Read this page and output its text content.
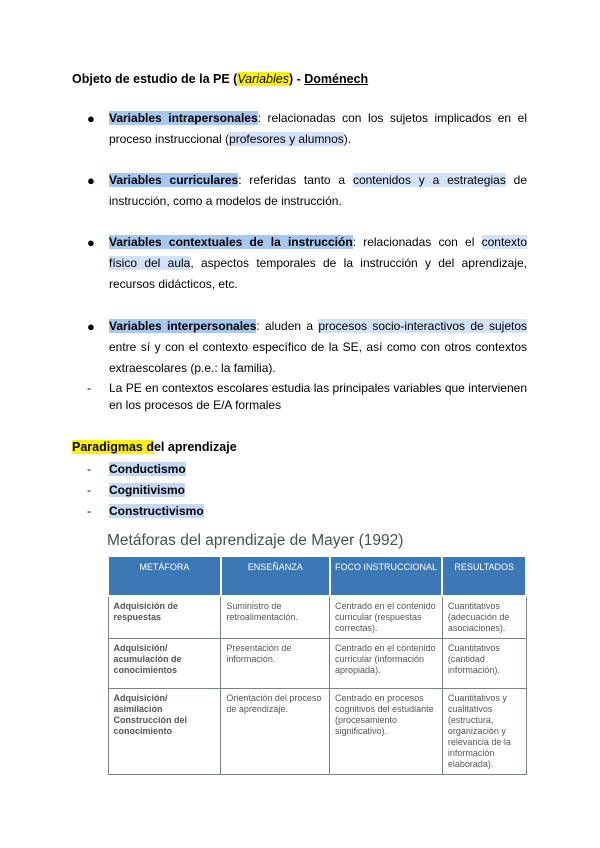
Objeto de estudio de la PE (Variables) - Doménech
● Variables intrapersonales: relacionadas con los sujetos implicados en el proceso instruccional (profesores y alumnos).
● Variables curriculares: referidas tanto a contenidos y a estrategias de instrucción, como a modelos de instrucción.
● Variables contextuales de la instrucción: relacionadas con el contexto físico del aula, aspectos temporales de la instrucción y del aprendizaje, recursos didácticos, etc.
● Variables interpersonales: aluden a procesos socio-interactivos de sujetos entre sí y con el contexto específico de la SE, así como con otros contextos extraescolares (p.e.: la familia).
- La PE en contextos escolares estudia las principales variables que intervienen en los procesos de E/A formales
Paradigmas del aprendizaje
- Conductismo
- Cognitivismo
- Constructivismo
Metáforas del aprendizaje de Mayer (1992)
METÁFORA	ENSEÑANZA	FOCO INSTRUCCIONAL	RESULTADOS
Adquisición de respuestas	Suministro de retroalimentación.	Centrado en el contenido curricular (respuestas correctas).	Cuantitativos (adecuación de asociaciones).
Adquisición/ acumulación de conocimientos	Presentación de información.	Centrado en el contenido curricular (información apropiada).	Cuantitativos (cantidad información).
Adquisición/ asimilación Construcción del conocimiento	Orientación del proceso de aprendizaje.	Centrado en procesos cognitivos del estudiante (procesamiento significativo).	Cuantitativos y cualitativos (estructura, organización y relevancia de la información elaborada).
